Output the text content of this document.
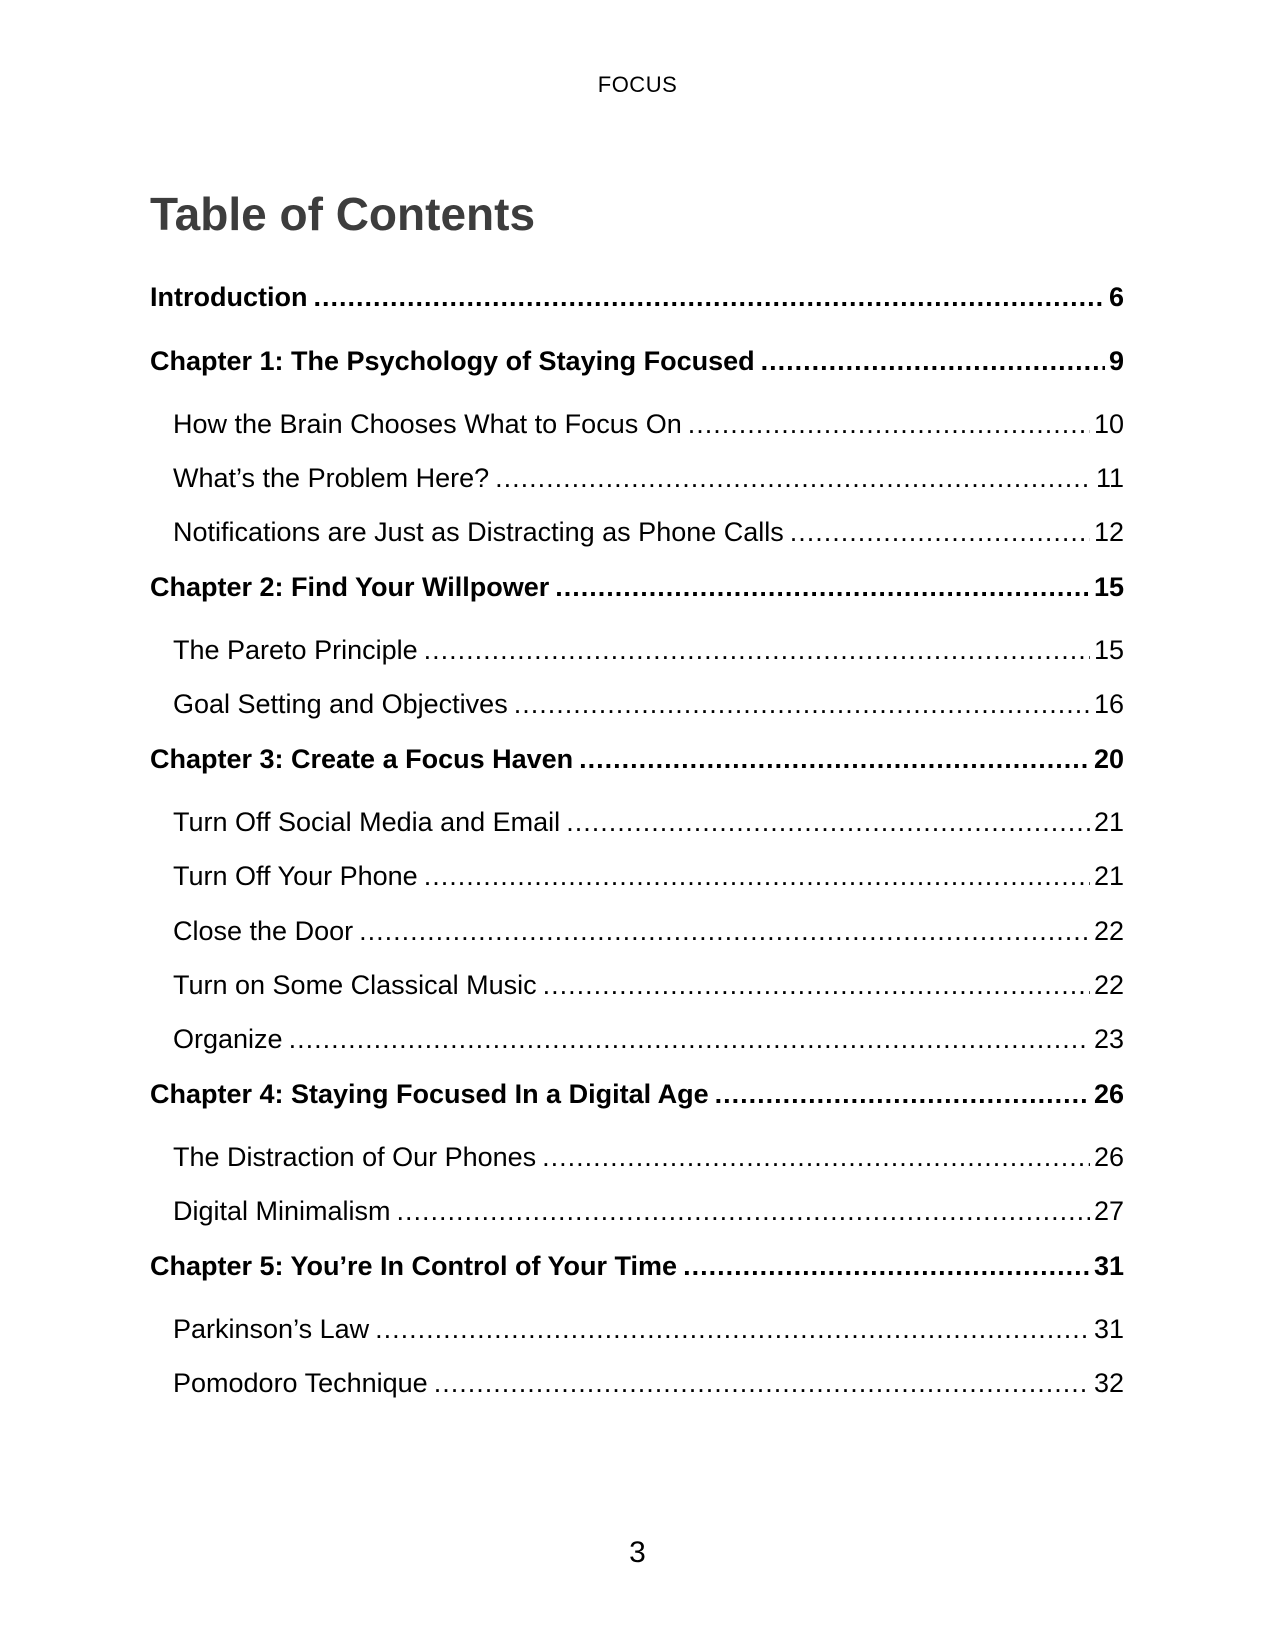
FOCUS
Table of Contents
Introduction .....	6
Chapter 1: The Psychology of Staying Focused .....	9
How the Brain Chooses What to Focus On .....	10
What’s the Problem Here? .....	11
Notifications are Just as Distracting as Phone Calls .....	12
Chapter 2: Find Your Willpower .....	15
The Pareto Principle .....	15
Goal Setting and Objectives .....	16
Chapter 3: Create a Focus Haven .....	20
Turn Off Social Media and Email .....	21
Turn Off Your Phone .....	21
Close the Door .....	22
Turn on Some Classical Music .....	22
Organize .....	23
Chapter 4: Staying Focused In a Digital Age .....	26
The Distraction of Our Phones .....	26
Digital Minimalism .....	27
Chapter 5: You’re In Control of Your Time .....	31
Parkinson’s Law .....	31
Pomodoro Technique .....	32
3
